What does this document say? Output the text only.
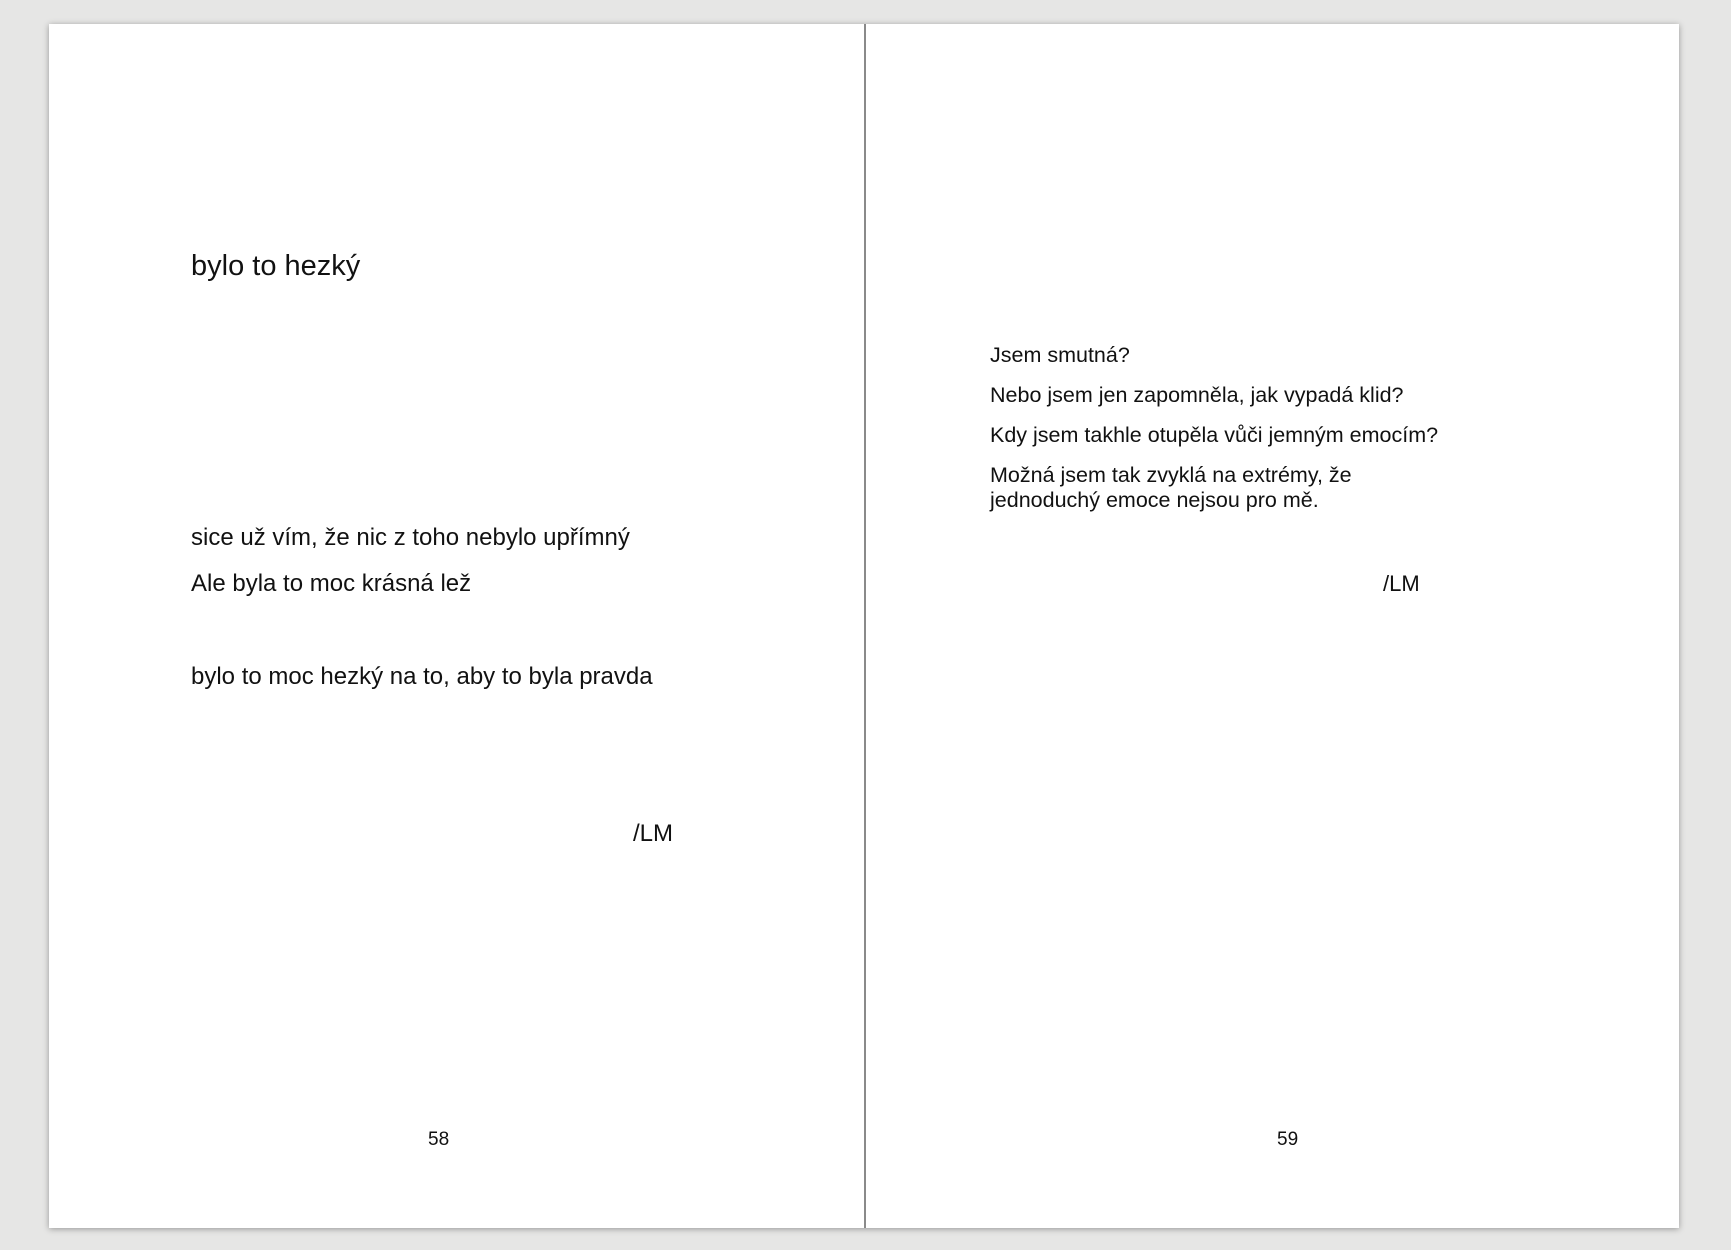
bylo to hezký

sice už vím, že nic z toho nebylo upřímný

Ale byla to moc krásná lež

bylo to moc hezký na to, aby to byla pravda

/LM

58

Jsem smutná?

Nebo jsem jen zapomněla, jak vypadá klid?

Kdy jsem takhle otupěla vůči jemným emocím?

Možná jsem tak zvyklá na extrémy, že

jednoduchý emoce nejsou pro mě.

/LM

59
